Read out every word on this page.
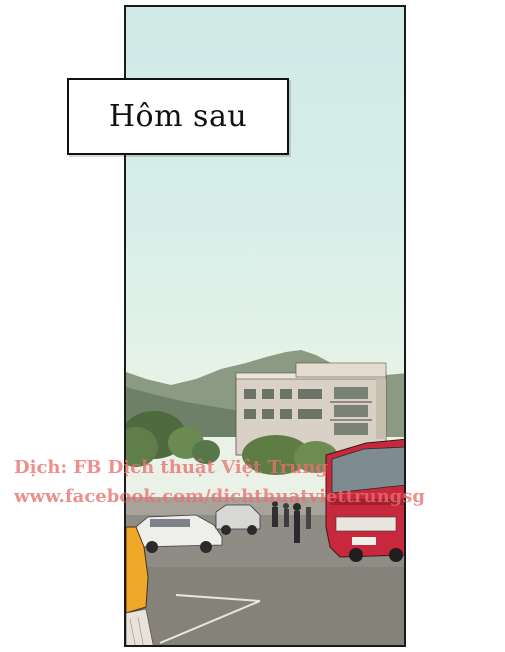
Hôm sau
Dịch: FB Dịch thuật Việt Trung
www.facebook.com/dichthuatviettrungsg
